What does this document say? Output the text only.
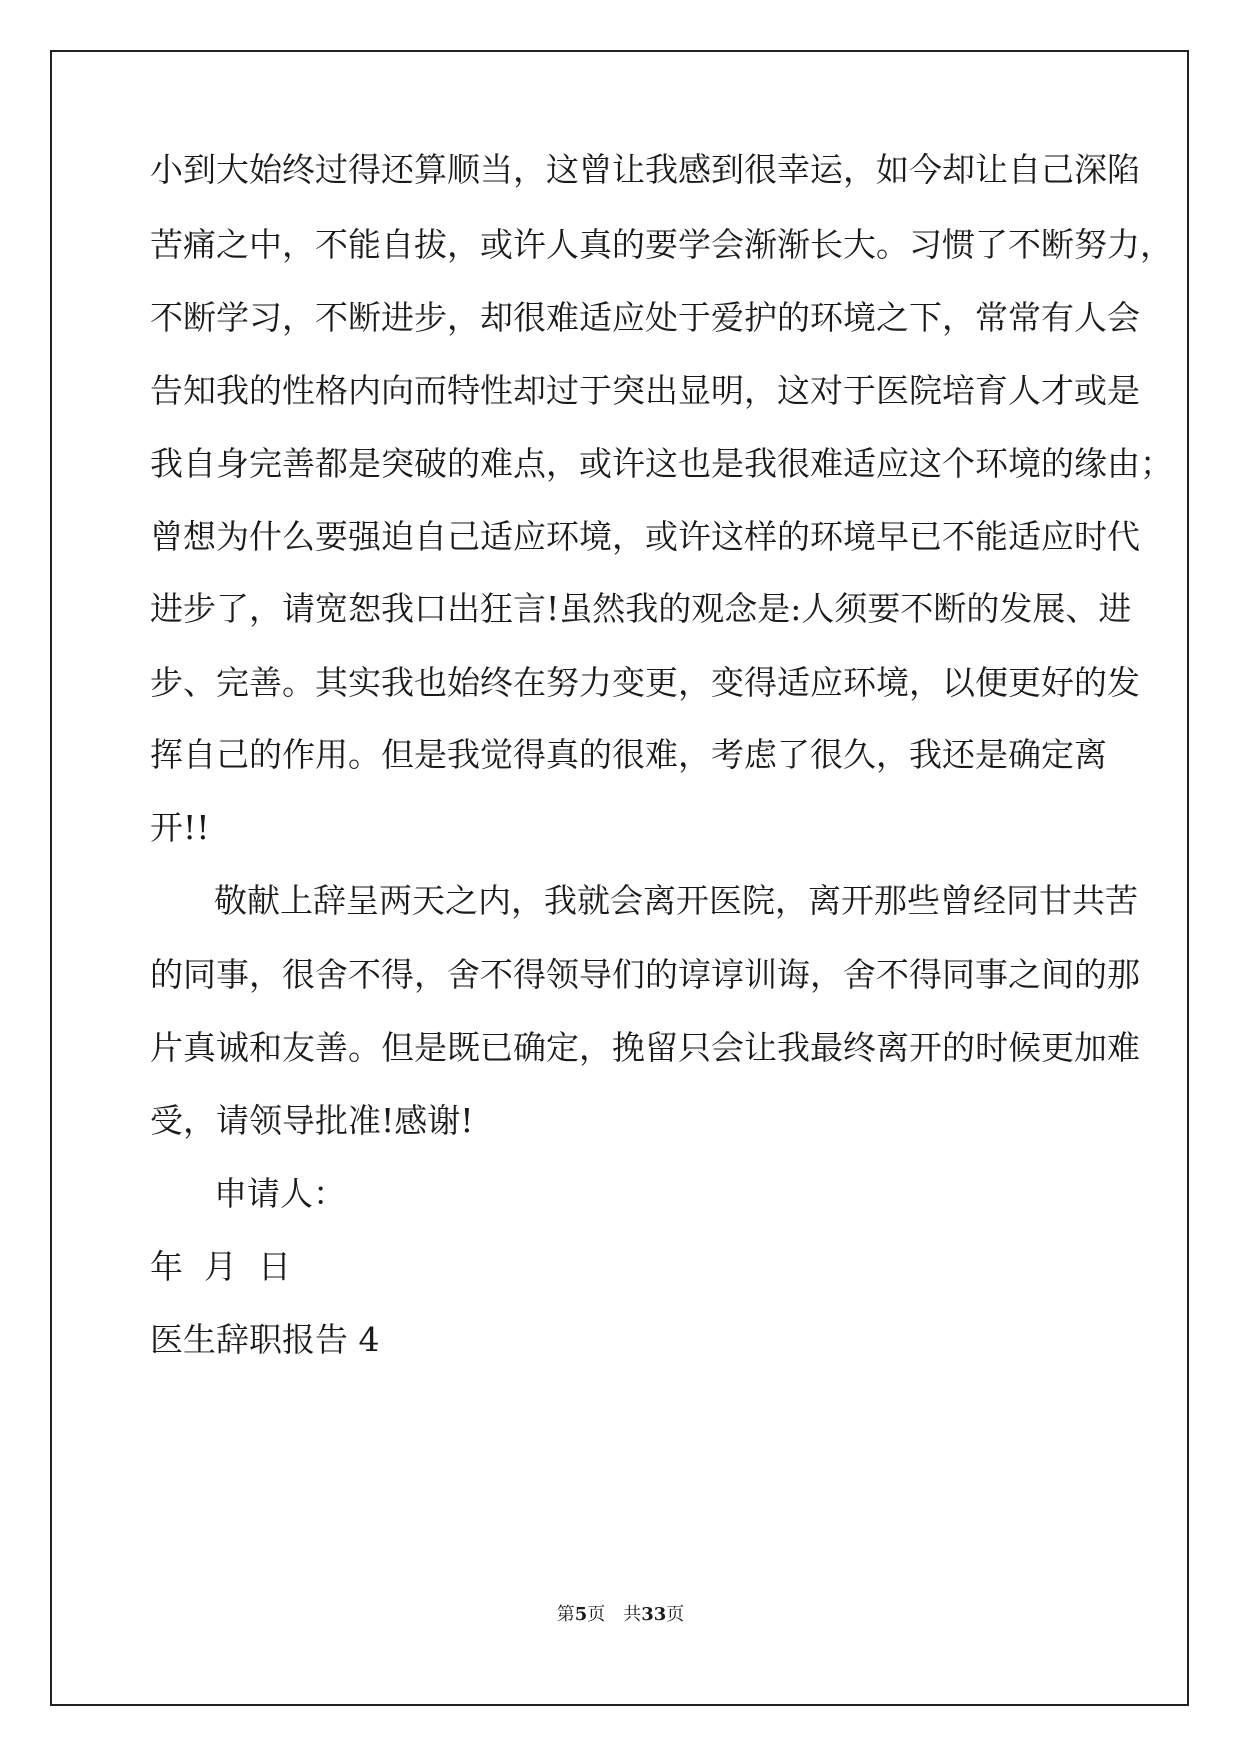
小到大始终过得还算顺当，这曾让我感到很幸运，如今却让自己深陷

苦痛之中，不能自拔，或许人真的要学会渐渐长大。习惯了不断努力，

不断学习，不断进步，却很难适应处于爱护的环境之下，常常有人会

告知我的性格内向而特性却过于突出显明，这对于医院培育人才或是

我自身完善都是突破的难点，或许这也是我很难适应这个环境的缘由；

曾想为什么要强迫自己适应环境，或许这样的环境早已不能适应时代

进步了，请宽恕我口出狂言!虽然我的观念是:人须要不断的发展、进

步、完善。其实我也始终在努力变更，变得适应环境，以便更好的发

挥自己的作用。但是我觉得真的很难，考虑了很久，我还是确定离

开!!

敬献上辞呈两天之内，我就会离开医院，离开那些曾经同甘共苦

的同事，很舍不得，舍不得领导们的谆谆训诲，舍不得同事之间的那

片真诚和友善。但是既已确定，挽留只会让我最终离开的时候更加难

受，请领导批准!感谢!

申请人：

年  月  日

医生辞职报告 4

第5页 共33页
